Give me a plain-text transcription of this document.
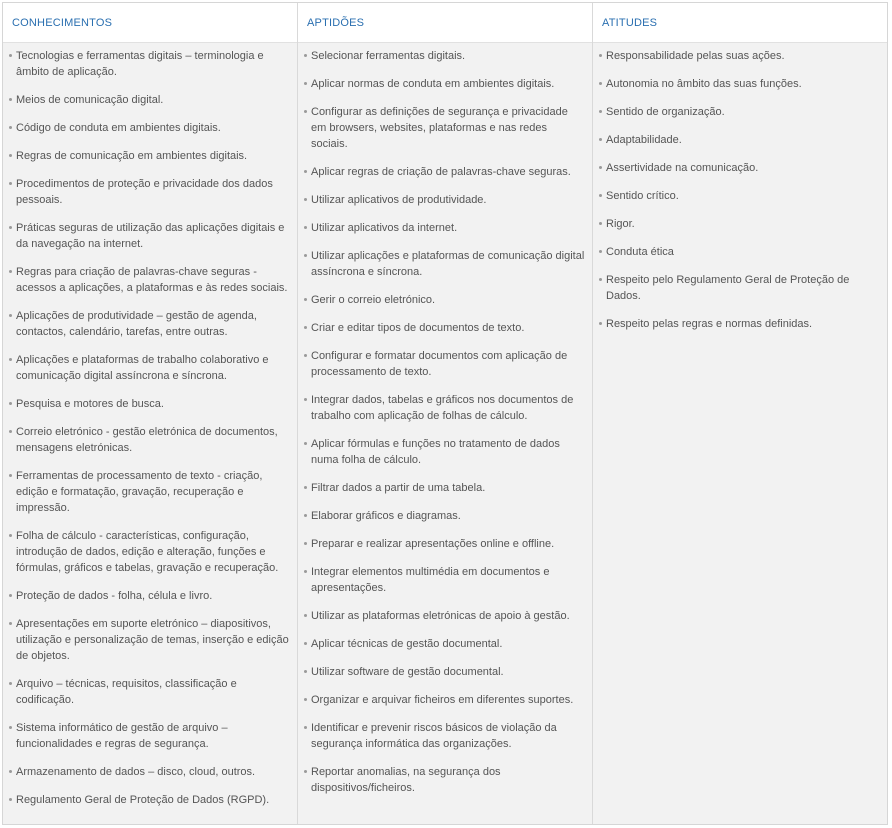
CONHECIMENTOS
Tecnologias e ferramentas digitais – terminologia e âmbito de aplicação.
Meios de comunicação digital.
Código de conduta em ambientes digitais.
Regras de comunicação em ambientes digitais.
Procedimentos de proteção e privacidade dos dados pessoais.
Práticas seguras de utilização das aplicações digitais e da navegação na internet.
Regras para criação de palavras-chave seguras - acessos a aplicações, a plataformas e às redes sociais.
Aplicações de produtividade – gestão de agenda, contactos, calendário, tarefas, entre outras.
Aplicações e plataformas de trabalho colaborativo e comunicação digital assíncrona e síncrona.
Pesquisa e motores de busca.
Correio eletrónico - gestão eletrónica de documentos, mensagens eletrónicas.
Ferramentas de processamento de texto - criação, edição e formatação, gravação, recuperação e impressão.
Folha de cálculo - características, configuração, introdução de dados, edição e alteração, funções e fórmulas, gráficos e tabelas, gravação e recuperação.
Proteção de dados - folha, célula e livro.
Apresentações em suporte eletrónico – diapositivos, utilização e personalização de temas, inserção e edição de objetos.
Arquivo – técnicas, requisitos, classificação e codificação.
Sistema informático de gestão de arquivo – funcionalidades e regras de segurança.
Armazenamento de dados – disco, cloud, outros.
Regulamento Geral de Proteção de Dados (RGPD).
APTIDÕES
Selecionar ferramentas digitais.
Aplicar normas de conduta em ambientes digitais.
Configurar as definições de segurança e privacidade em browsers, websites, plataformas e nas redes sociais.
Aplicar regras de criação de palavras-chave seguras.
Utilizar aplicativos de produtividade.
Utilizar aplicativos da internet.
Utilizar aplicações e plataformas de comunicação digital assíncrona e síncrona.
Gerir o correio eletrónico.
Criar e editar tipos de documentos de texto.
Configurar e formatar documentos com aplicação de processamento de texto.
Integrar dados, tabelas e gráficos nos documentos de trabalho com aplicação de folhas de cálculo.
Aplicar fórmulas e funções no tratamento de dados numa folha de cálculo.
Filtrar dados a partir de uma tabela.
Elaborar gráficos e diagramas.
Preparar e realizar apresentações online e offline.
Integrar elementos multimédia em documentos e apresentações.
Utilizar as plataformas eletrónicas de apoio à gestão.
Aplicar técnicas de gestão documental.
Utilizar software de gestão documental.
Organizar e arquivar ficheiros em diferentes suportes.
Identificar e prevenir riscos básicos de violação da segurança informática das organizações.
Reportar anomalias, na segurança dos dispositivos/ficheiros.
ATITUDES
Responsabilidade pelas suas ações.
Autonomia no âmbito das suas funções.
Sentido de organização.
Adaptabilidade.
Assertividade na comunicação.
Sentido crítico.
Rigor.
Conduta ética
Respeito pelo Regulamento Geral de Proteção de Dados.
Respeito pelas regras e normas definidas.
